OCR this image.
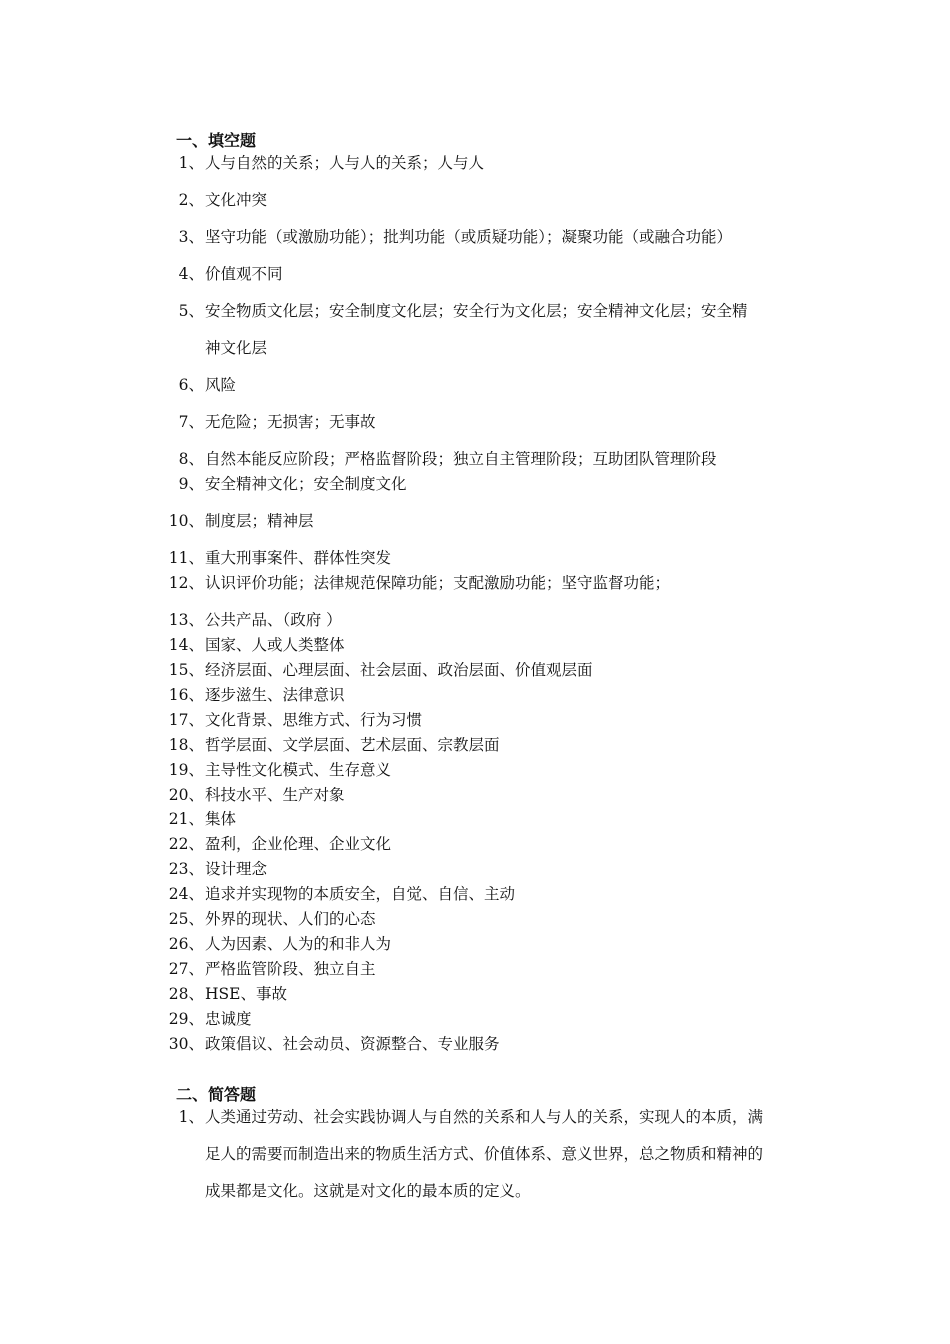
一、填空题
1、 人与自然的关系；人与人的关系；人与人
2、 文化冲突
3、 坚守功能（或激励功能）；批判功能（或质疑功能）；凝聚功能（或融合功能）
4、 价值观不同
5、 安全物质文化层；安全制度文化层；安全行为文化层；安全精神文化层；安全精
神文化层
6、 风险
7、 无危险；无损害；无事故
8、 自然本能反应阶段；严格监督阶段；独立自主管理阶段；互助团队管理阶段
9、 安全精神文化；安全制度文化
10、 制度层；精神层
11、 重大刑事案件、群体性突发
12、 认识评价功能；法律规范保障功能；支配激励功能；坚守监督功能；
13、 公共产品、（政府 ）
14、 国家、人或人类整体
15、 经济层面、心理层面、社会层面、政治层面、价值观层面
16、 逐步滋生、法律意识
17、 文化背景、思维方式、行为习惯
18、 哲学层面、文学层面、艺术层面、宗教层面
19、 主导性文化模式、生存意义
20、 科技水平、生产对象
21、 集体
22、 盈利，企业伦理、企业文化
23、 设计理念
24、 追求并实现物的本质安全，自觉、自信、主动
25、 外界的现状、人们的心态
26、 人为因素、人为的和非人为
27、 严格监管阶段、独立自主
28、 HSE、事故
29、 忠诚度
30、 政策倡议、社会动员、资源整合、专业服务
二、简答题
1、 人类通过劳动、社会实践协调人与自然的关系和人与人的关系，实现人的本质，满
足人的需要而制造出来的物质生活方式、价值体系、意义世界，总之物质和精神的
成果都是文化。这就是对文化的最本质的定义。
